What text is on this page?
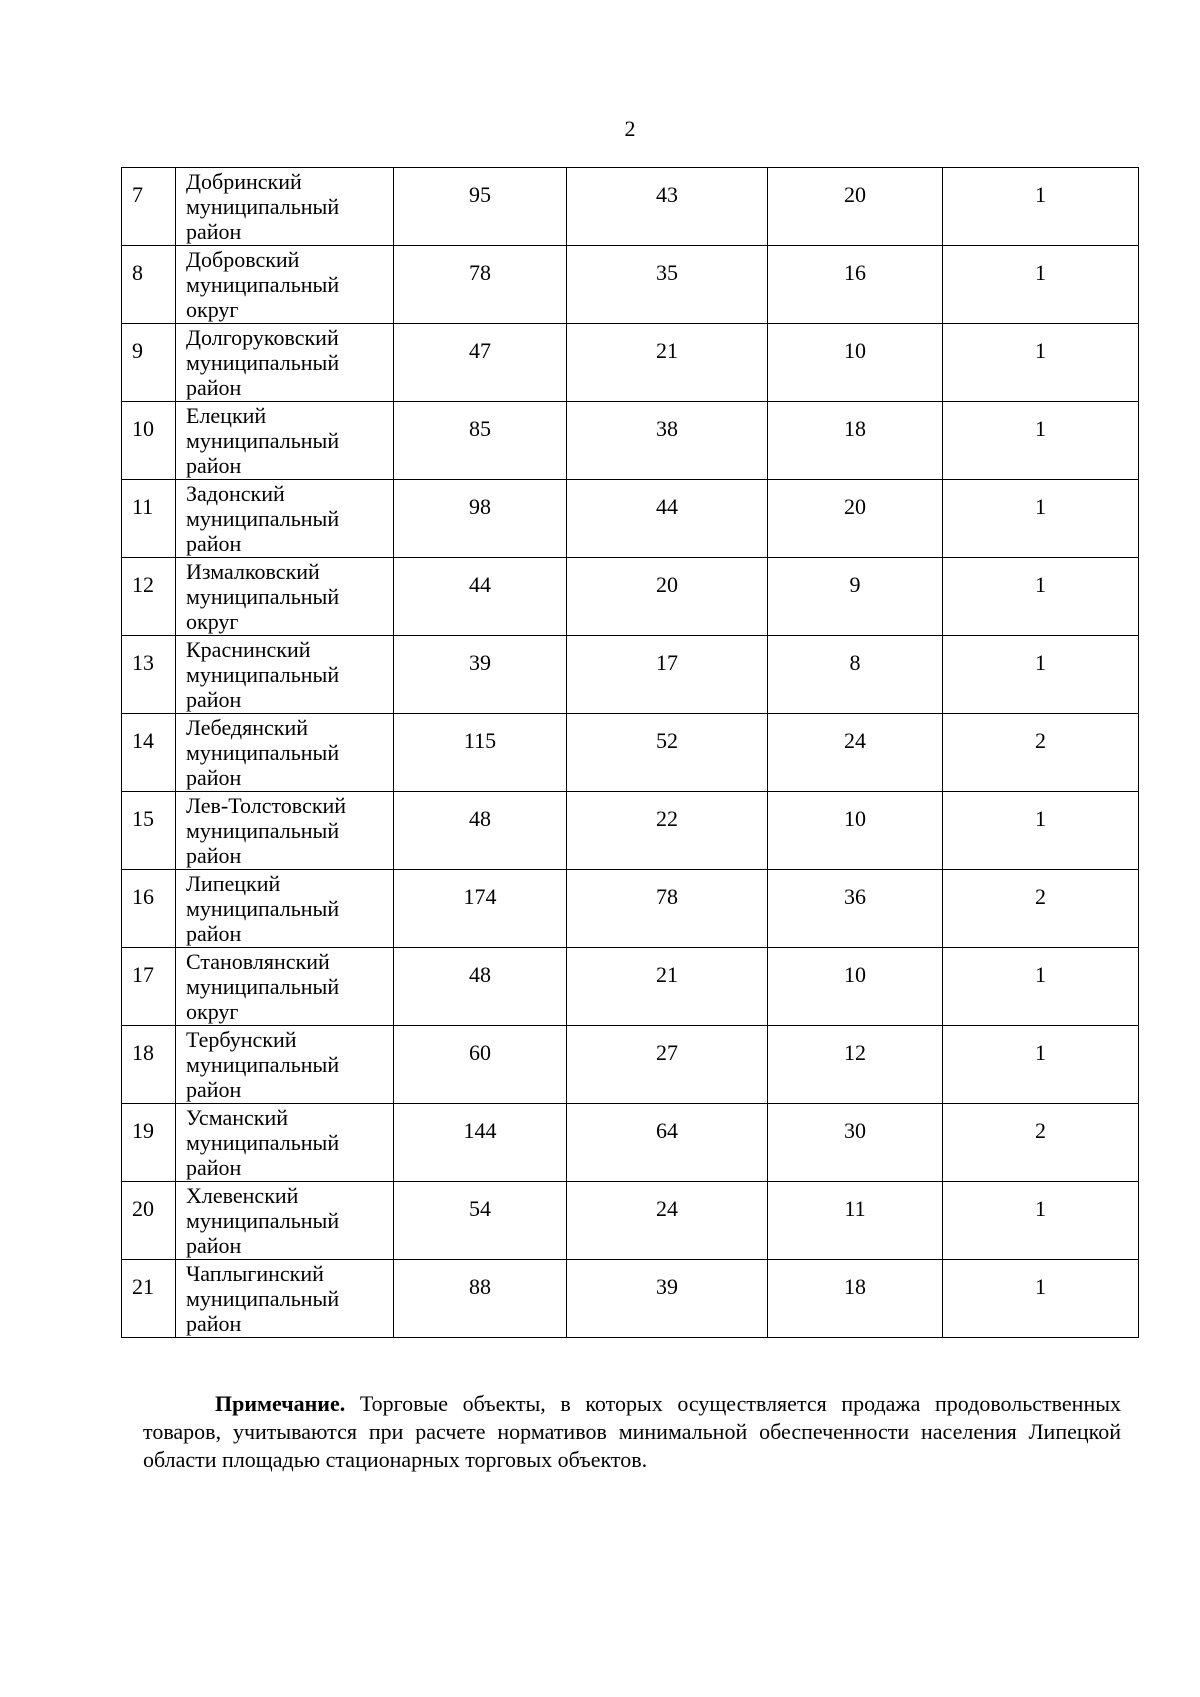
2
7	Добринский
муниципальный
район	95	43	20	1

8	Добровский
муниципальный
округ	78	35	16	1

9	Долгоруковский
муниципальный
район	47	21	10	1

10	Елецкий
муниципальный
район	85	38	18	1

11	Задонский
муниципальный
район	98	44	20	1

12	Измалковский
муниципальный
округ	44	20	9	1

13	Краснинский
муниципальный
район	39	17	8	1

14	Лебедянский
муниципальный
район	115	52	24	2

15	Лев-Толстовский
муниципальный
район	48	22	10	1

16	Липецкий
муниципальный
район	174	78	36	2

17	Становлянский
муниципальный
округ	48	21	10	1

18	Тербунский
муниципальный
район	60	27	12	1

19	Усманский
муниципальный
район	144	64	30	2

20	Хлевенский
муниципальный
район	54	24	11	1

21	Чаплыгинский
муниципальный
район	88	39	18	1

Примечание. Торговые объекты, в которых осуществляется продажа продовольственных товаров, учитываются при расчете нормативов минимальной обеспеченности населения Липецкой области площадью стационарных торговых объектов.
